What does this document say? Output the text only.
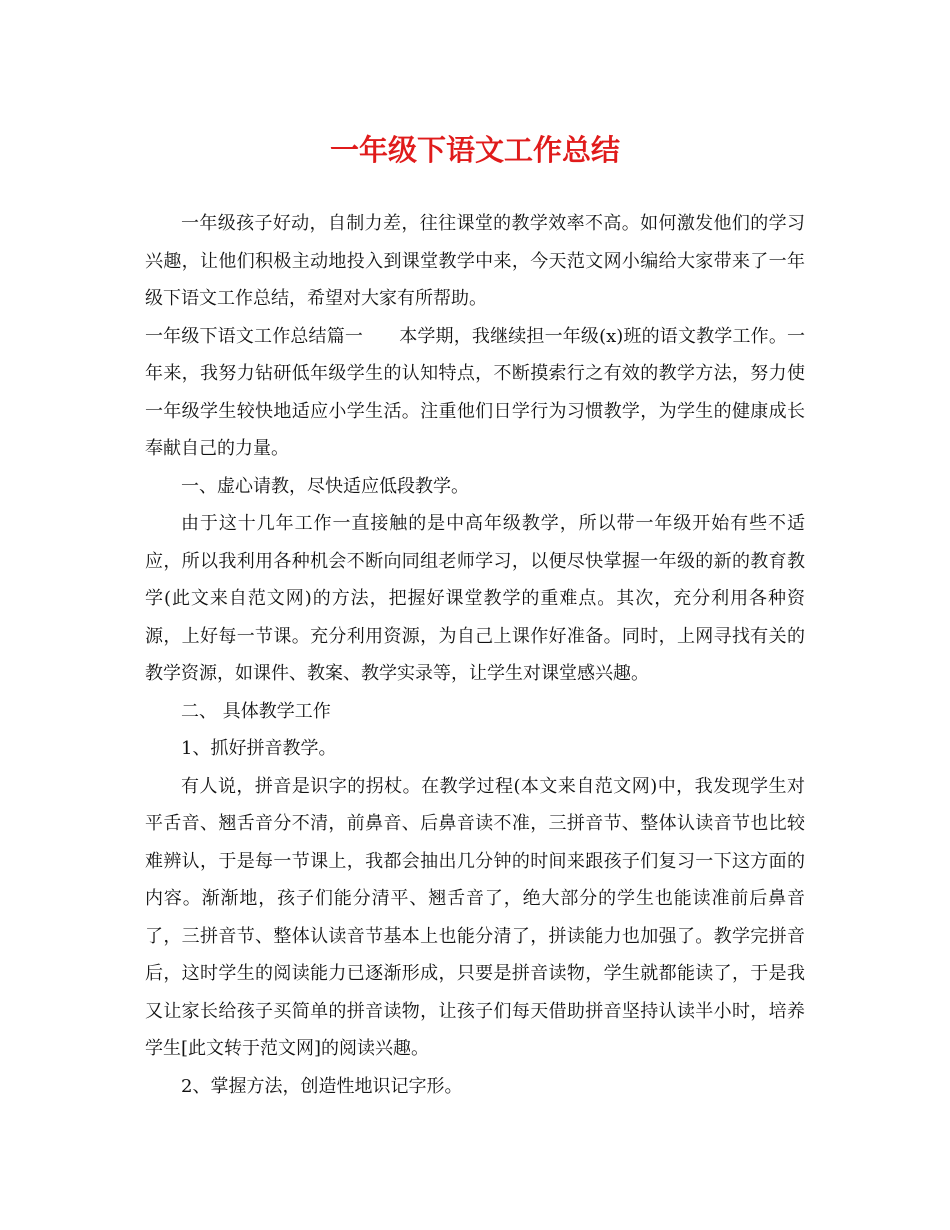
一年级下语文工作总结

一年级孩子好动，自制力差，往往课堂的教学效率不高。如何激发他们的学习兴趣，让他们积极主动地投入到课堂教学中来，今天范文网小编给大家带来了一年级下语文工作总结，希望对大家有所帮助。

一年级下语文工作总结篇一 本学期，我继续担一年级(x)班的语文教学工作。一年来，我努力钻研低年级学生的认知特点，不断摸索行之有效的教学方法，努力使一年级学生较快地适应小学生活。注重他们日学行为习惯教学，为学生的健康成长奉献自己的力量。

一、虚心请教，尽快适应低段教学。

由于这十几年工作一直接触的是中高年级教学，所以带一年级开始有些不适应，所以我利用各种机会不断向同组老师学习，以便尽快掌握一年级的新的教育教学(此文来自范文网)的方法，把握好课堂教学的重难点。其次，充分利用各种资源，上好每一节课。充分利用资源，为自己上课作好准备。同时，上网寻找有关的教学资源，如课件、教案、教学实录等，让学生对课堂感兴趣。

二、 具体教学工作

1、抓好拼音教学。

有人说，拼音是识字的拐杖。在教学过程(本文来自范文网)中，我发现学生对平舌音、翘舌音分不清，前鼻音、后鼻音读不准，三拼音节、整体认读音节也比较难辨认，于是每一节课上，我都会抽出几分钟的时间来跟孩子们复习一下这方面的内容。渐渐地，孩子们能分清平、翘舌音了，绝大部分的学生也能读准前后鼻音了，三拼音节、整体认读音节基本上也能分清了，拼读能力也加强了。教学完拼音后，这时学生的阅读能力已逐渐形成，只要是拼音读物，学生就都能读了，于是我又让家长给孩子买简单的拼音读物，让孩子们每天借助拼音坚持认读半小时，培养学生[此文转于范文网]的阅读兴趣。

2、掌握方法，创造性地识记字形。
